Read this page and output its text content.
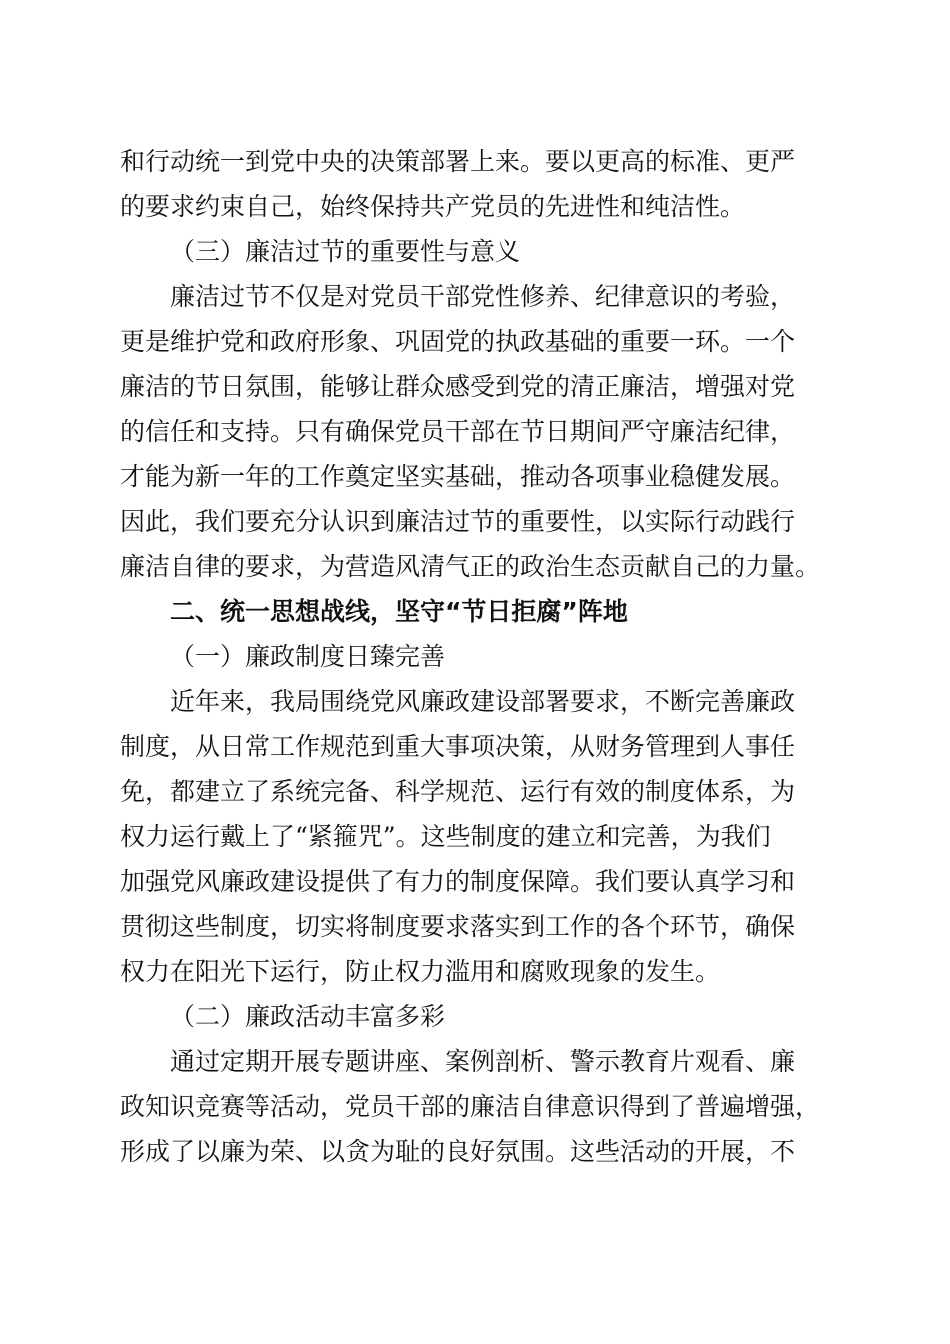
和行动统一到党中央的决策部署上来。要以更高的标准、更严
的要求约束自己，始终保持共产党员的先进性和纯洁性。
（三）廉洁过节的重要性与意义
廉洁过节不仅是对党员干部党性修养、纪律意识的考验，
更是维护党和政府形象、巩固党的执政基础的重要一环。一个
廉洁的节日氛围，能够让群众感受到党的清正廉洁，增强对党
的信任和支持。只有确保党员干部在节日期间严守廉洁纪律，
才能为新一年的工作奠定坚实基础，推动各项事业稳健发展。
因此，我们要充分认识到廉洁过节的重要性，以实际行动践行
廉洁自律的要求，为营造风清气正的政治生态贡献自己的力量。
二、统一思想战线，坚守“节日拒腐”阵地
（一）廉政制度日臻完善
近年来，我局围绕党风廉政建设部署要求，不断完善廉政
制度，从日常工作规范到重大事项决策，从财务管理到人事任
免，都建立了系统完备、科学规范、运行有效的制度体系，为
权力运行戴上了“紧箍咒”。这些制度的建立和完善，为我们
加强党风廉政建设提供了有力的制度保障。我们要认真学习和
贯彻这些制度，切实将制度要求落实到工作的各个环节，确保
权力在阳光下运行，防止权力滥用和腐败现象的发生。
（二）廉政活动丰富多彩
通过定期开展专题讲座、案例剖析、警示教育片观看、廉
政知识竞赛等活动，党员干部的廉洁自律意识得到了普遍增强，
形成了以廉为荣、以贪为耻的良好氛围。这些活动的开展，不
